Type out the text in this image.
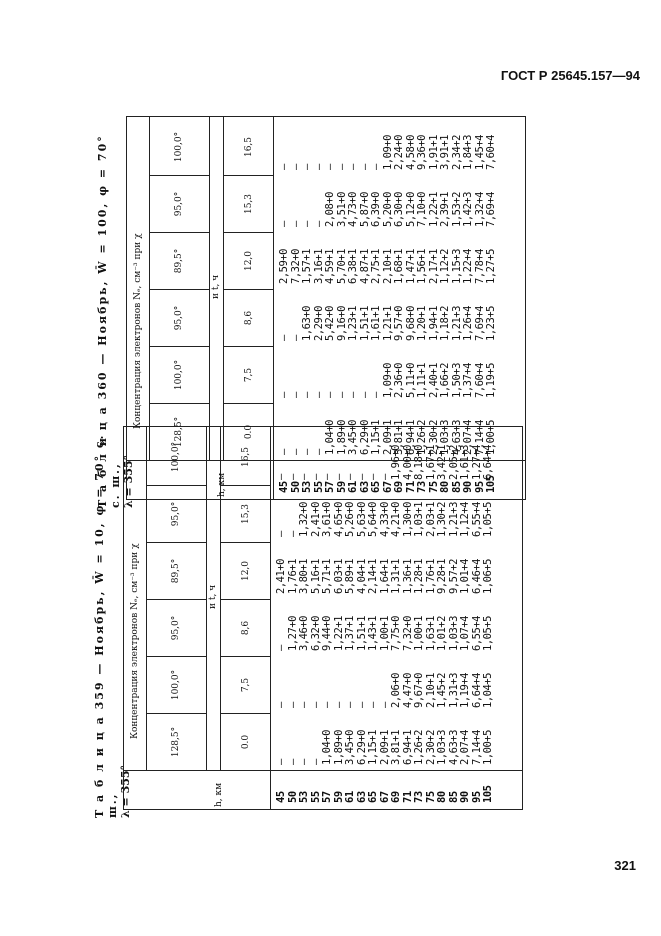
ГОСТ Р 25645.157—94
321
Т а б л и ц а 359 — Ноябрь, W̄ = 10, φ = 70° с. ш., λ = 355°
Концентрация электронов Nₑ, см⁻³ при χ	и t, ч
h, км
128,5°
100,0°
95,0°
89,5°
95,0°
100,0°
0.0
7,5
8,6
12,0
15,3
16,5
45 50 53 55 57 59 61 63 65 67 69 71 73 75 80 85 90 95 105
— — — — 1,04+0 1,89+0 3,45+0 6,29+0 1,15+1 2,09+1 3,81+1 6,94+1 1,26+2 2,30+2 1,03+3 4,63+3 2,07+4 7,14+4 1,00+5
— — — — — — — — — — 2,06+0 4,47+0 9,67+0 2,10+1 1,45+2 1,31+3 1,19+4 6,64+4 1,04+5
— 1,27+0 3,46+0 6,32+0 9,44+0 1,22+1 1,37+1 1,51+1 1,43+1 1,00+1 7,75+0 7,32+0 1,00+1 1,63+1 1,01+2 1,03+3 1,07+4 6,55+4 1,05+5
2,41+0 1,76+1 3,80+1 5,16+1 5,71+1 6,03+1 5,89+1 4,04+1 2,14+1 1,64+1 1,31+1 1,36+1 1,28+1 1,76+1 9,28+1 9,57+2 1,01+4 6,46+4 1,06+5
— — 1,32+0 2,41+0 3,61+0 4,65+0 5,26+0 5,63+0 5,64+0 4,33+0 4,21+0 1,30+0 1,03+1 2,03+1 1,30+2 1,21+3 1,12+4 6,55+4 1,05+5
— — — — — — — — — — 1,96+0 4,00+0 8,18+0 1,67+1 3,42+1 2,05+2 1,61+3 1,27+4 6,64+4
Т а б л и ц а 360 — Ноябрь, W̄ = 100, φ = 70° с. ш., λ = 355°
Концентрация электронов Nₑ, см⁻³ при χ	и t, ч
h, км
128,5°
100,0°
95,0°
89,5°
95,0°
100,0°
0.0
7,5
8,6
12,0
15,3
16,5
45 50 53 55 57 59 61 63 65 67 69 71 73 75 80 85 90 95 105
— — — — 1,04+0 1,89+0 3,45+0 6,29+0 1,15+1 2,09+1 3,81+1 6,94+1 1,26+2 2,30+2 1,03+3 4,63+3 2,07+4 7,14+4 1,00+5
— — — — — — — — — 1,09+0 2,36+0 5,11+0 1,11+1 2,40+1 1,66+2 1,50+3 1,37+4 7,60+4 1,19+5
— — 1,63+0 2,29+0 5,42+0 9,16+0 1,23+1 1,51+1 1,61+1 1,21+1 9,57+0 9,68+0 1,20+1 1,94+1 1,18+2 1,21+3 1,26+4 7,69+4 1,23+5
2,59+0 7,32+0 1,57+1 3,16+1 4,59+1 5,70+1 6,38+1 4,87+1 2,75+1 2,10+1 1,68+1 1,47+1 1,56+1 2,17+1 1,12+2 1,15+3 1,22+4 7,78+4 1,27+5
— — — — 2,08+0 3,51+0 4,73+0 5,87+0 6,39+0 5,20+0 6,30+0 5,12+0 7,10+0 1,22+1 2,39+1 1,53+2 1,42+3 1,32+4 7,69+4
— — — — — — — — — 1,09+0 2,24+0 4,58+0 9,36+0 1,91+1 3,91+1 2,34+2 1,84+3 1,45+4 7,60+4
